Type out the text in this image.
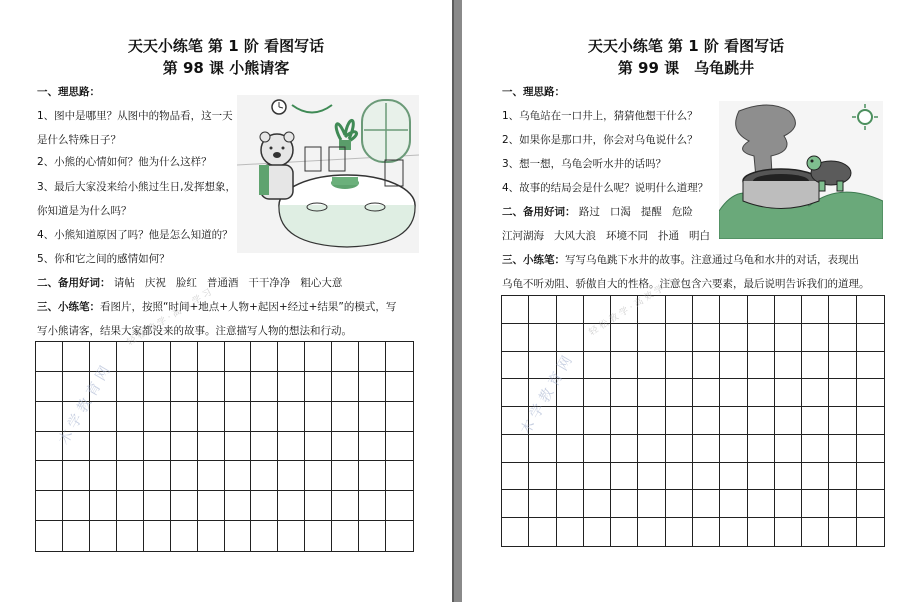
天天小练笔 第 1 阶 看图写话
第 98 课 小熊请客
一、理思路：
1、图中是哪里？从图中的物品看，这一天
是什么特殊日子？
2、小熊的心情如何？他为什么这样？
3、最后大家没来给小熊过生日,发挥想象，
你知道是为什么吗？
4、小熊知道原因了吗？他是怎么知道的？
5、你和它之间的感情如何？
二、备用好词： 请帖 庆祝 脸红 普通酒 干干净净 粗心大意
三、小练笔：看图片，按照“时间+地点+人物+起因+经过+结果”的模式，写
写小熊请客，结果大家都没来的故事。注意描写人物的想法和行动。
木 学 教 育 网
轻 松 教 学 · 高 效 学 习
天天小练笔 第 1 阶 看图写话
第 99 课　乌龟跳井
一、理思路：
1、乌龟站在一口井上，猜猜他想干什么？
2、如果你是那口井，你会对乌龟说什么？
3、想一想，乌龟会听水井的话吗？
4、故事的结局会是什么呢？说明什么道理？
二、备用好词： 路过 口渴 提醒 危险
江河湖海 大风大浪 环境不同 扑通 明白
三、小练笔：写写乌龟跳下水井的故事。注意通过乌龟和水井的对话，表现出
乌龟不听劝阻、骄傲自大的性格。注意包含六要素，最后说明告诉我们的道理。
木 学 教 育 网
轻 松 教 学 · 高 效 学 习
